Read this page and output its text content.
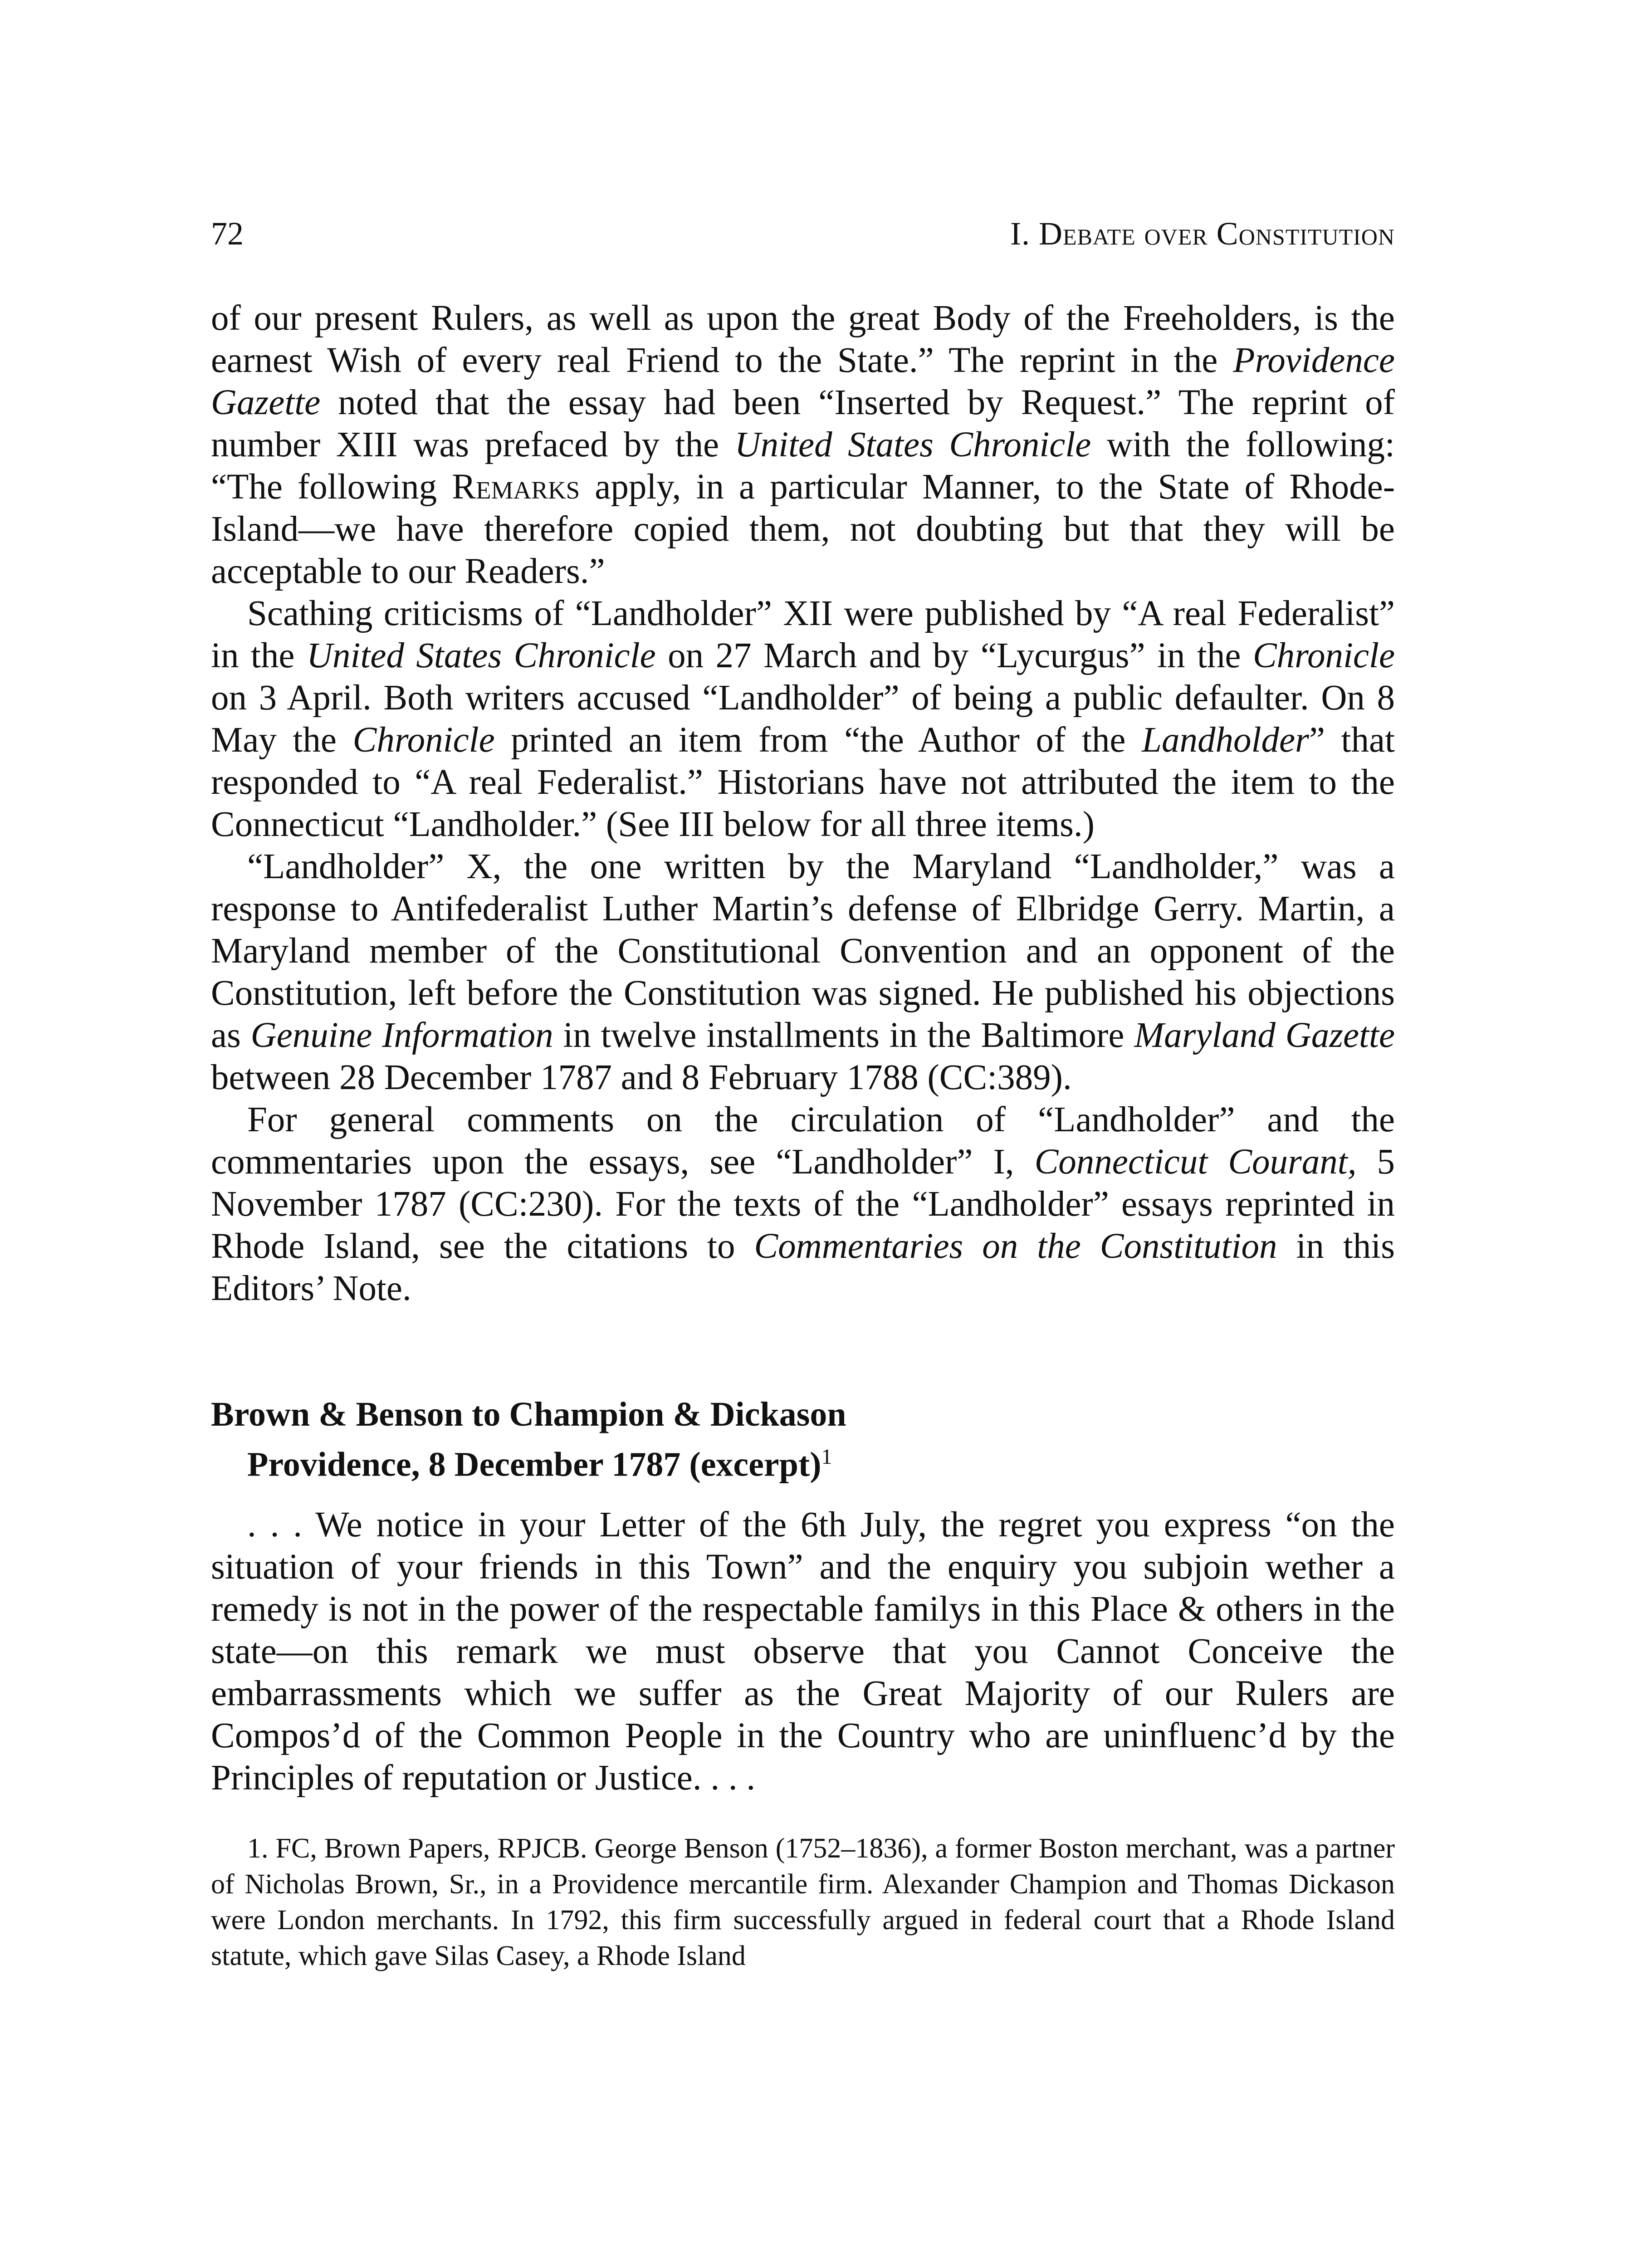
72	I. Debate over Constitution

of our present Rulers, as well as upon the great Body of the Freeholders, is the earnest Wish of every real Friend to the State.” The reprint in the Providence Gazette noted that the essay had been “Inserted by Request.” The reprint of number XIII was prefaced by the United States Chronicle with the following: “The following Remarks apply, in a particular Manner, to the State of Rhode-Island—we have therefore copied them, not doubting but that they will be acceptable to our Readers.”

Scathing criticisms of “Landholder” XII were published by “A real Federalist” in the United States Chronicle on 27 March and by “Lycurgus” in the Chronicle on 3 April. Both writers accused “Landholder” of being a public defaulter. On 8 May the Chronicle printed an item from “the Author of the Landholder” that responded to “A real Federalist.” Historians have not attributed the item to the Connecticut “Landholder.” (See III below for all three items.)

“Landholder” X, the one written by the Maryland “Landholder,” was a response to Antifederalist Luther Martin’s defense of Elbridge Gerry. Martin, a Maryland member of the Constitutional Convention and an opponent of the Constitution, left before the Constitution was signed. He published his objections as Genuine Information in twelve installments in the Baltimore Maryland Gazette between 28 December 1787 and 8 February 1788 (CC:389).

For general comments on the circulation of “Landholder” and the commentaries upon the essays, see “Landholder” I, Connecticut Courant, 5 November 1787 (CC:230). For the texts of the “Landholder” essays reprinted in Rhode Island, see the citations to Commentaries on the Constitution in this Editors’ Note.

Brown & Benson to Champion & Dickason
Providence, 8 December 1787 (excerpt)$^1$

. . . We notice in your Letter of the 6th July, the regret you express “on the situation of your friends in this Town” and the enquiry you subjoin wether a remedy is not in the power of the respectable familys in this Place & others in the state—on this remark we must observe that you Cannot Conceive the embarrassments which we suffer as the Great Majority of our Rulers are Compos’d of the Common People in the Country who are uninfluenc’d by the Principles of reputation or Justice. . . .

1. FC, Brown Papers, RPJCB. George Benson (1752–1836), a former Boston merchant, was a partner of Nicholas Brown, Sr., in a Providence mercantile firm. Alexander Champion and Thomas Dickason were London merchants. In 1792, this firm successfully argued in federal court that a Rhode Island statute, which gave Silas Casey, a Rhode Island
